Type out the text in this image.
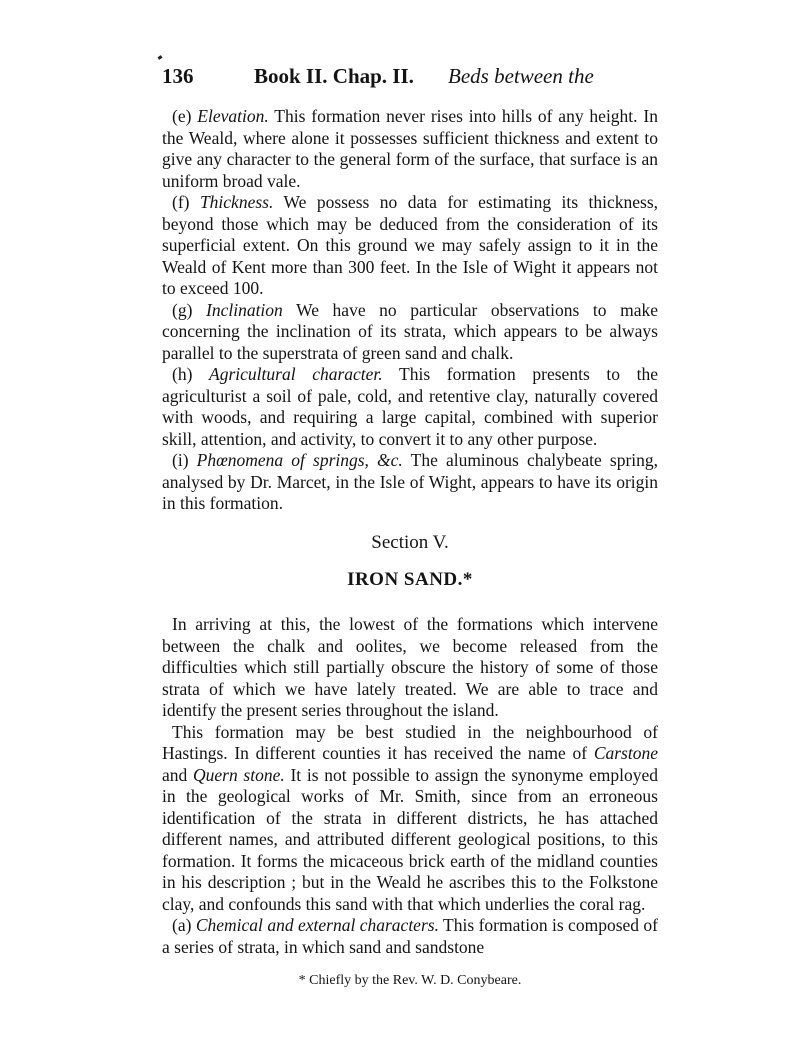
136	Book II. Chap. II. Beds between the

(e) Elevation. This formation never rises into hills of any height. In the Weald, where alone it possesses sufficient thickness and extent to give any character to the general form of the surface, that surface is an uniform broad vale.

(f) Thickness. We possess no data for estimating its thickness, beyond those which may be deduced from the consideration of its superficial extent. On this ground we may safely assign to it in the Weald of Kent more than 300 feet. In the Isle of Wight it appears not to exceed 100.

(g) Inclination We have no particular observations to make concerning the inclination of its strata, which appears to be always parallel to the superstrata of green sand and chalk.

(h) Agricultural character. This formation presents to the agriculturist a soil of pale, cold, and retentive clay, naturally covered with woods, and requiring a large capital, combined with superior skill, attention, and activity, to convert it to any other purpose.

(i) Phœnomena of springs, &c. The aluminous chalybeate spring, analysed by Dr. Marcet, in the Isle of Wight, appears to have its origin in this formation.

Section V.
IRON SAND.*

In arriving at this, the lowest of the formations which intervene between the chalk and oolites, we become released from the difficulties which still partially obscure the history of some of those strata of which we have lately treated. We are able to trace and identify the present series throughout the island.

This formation may be best studied in the neighbourhood of Hastings. In different counties it has received the name of Carstone and Quern stone. It is not possible to assign the synonyme employed in the geological works of Mr. Smith, since from an erroneous identification of the strata in different districts, he has attached different names, and attributed different geological positions, to this formation. It forms the micaceous brick earth of the midland counties in his description ; but in the Weald he ascribes this to the Folkstone clay, and confounds this sand with that which underlies the coral rag.

(a) Chemical and external characters. This formation is composed of a series of strata, in which sand and sandstone

* Chiefly by the Rev. W. D. Conybeare.
